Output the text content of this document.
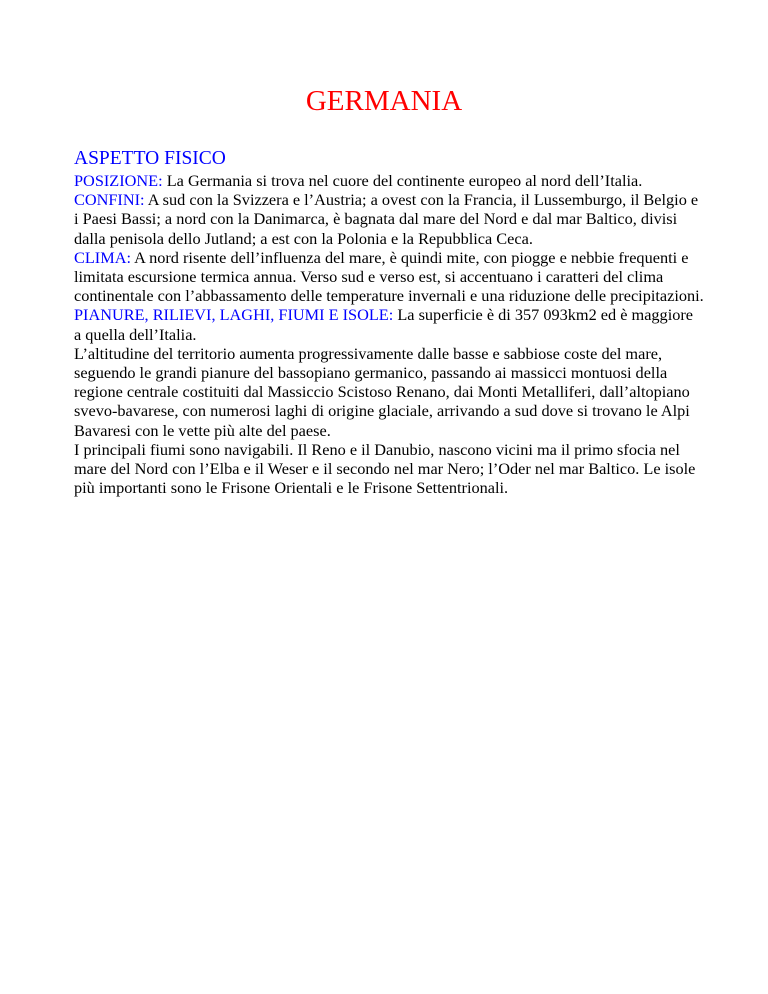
GERMANIA
ASPETTO FISICO

POSIZIONE: La Germania si trova nel cuore del continente europeo al nord dell’Italia.

CONFINI: A sud con la Svizzera e l’Austria; a ovest con la Francia, il Lussemburgo, il Belgio e i Paesi Bassi; a nord con la Danimarca, è bagnata dal mare del Nord e dal mar Baltico, divisi dalla penisola dello Jutland; a est con la Polonia e la Repubblica Ceca.

CLIMA: A nord risente dell’influenza del mare, è quindi mite, con piogge e nebbie frequenti e limitata escursione termica annua. Verso sud e verso est, si accentuano i caratteri del clima continentale con l’abbassamento delle temperature invernali e una riduzione delle precipitazioni.

PIANURE, RILIEVI, LAGHI, FIUMI E ISOLE: La superficie è di 357 093km2 ed è maggiore a quella dell’Italia.

L’altitudine del territorio aumenta progressivamente dalle basse e sabbiose coste del mare, seguendo le grandi pianure del bassopiano germanico, passando ai massicci montuosi della regione centrale costituiti dal Massiccio Scistoso Renano, dai Monti Metalliferi, dall’altopiano svevo-bavarese, con numerosi laghi di origine glaciale, arrivando a sud dove si trovano le Alpi Bavaresi con le vette più alte del paese.

I principali fiumi sono navigabili. Il Reno e il Danubio, nascono vicini ma il primo sfocia nel mare del Nord con l’Elba e il Weser e il secondo nel mar Nero; l’Oder nel mar Baltico. Le isole più importanti sono le Frisone Orientali e le Frisone Settentrionali.
